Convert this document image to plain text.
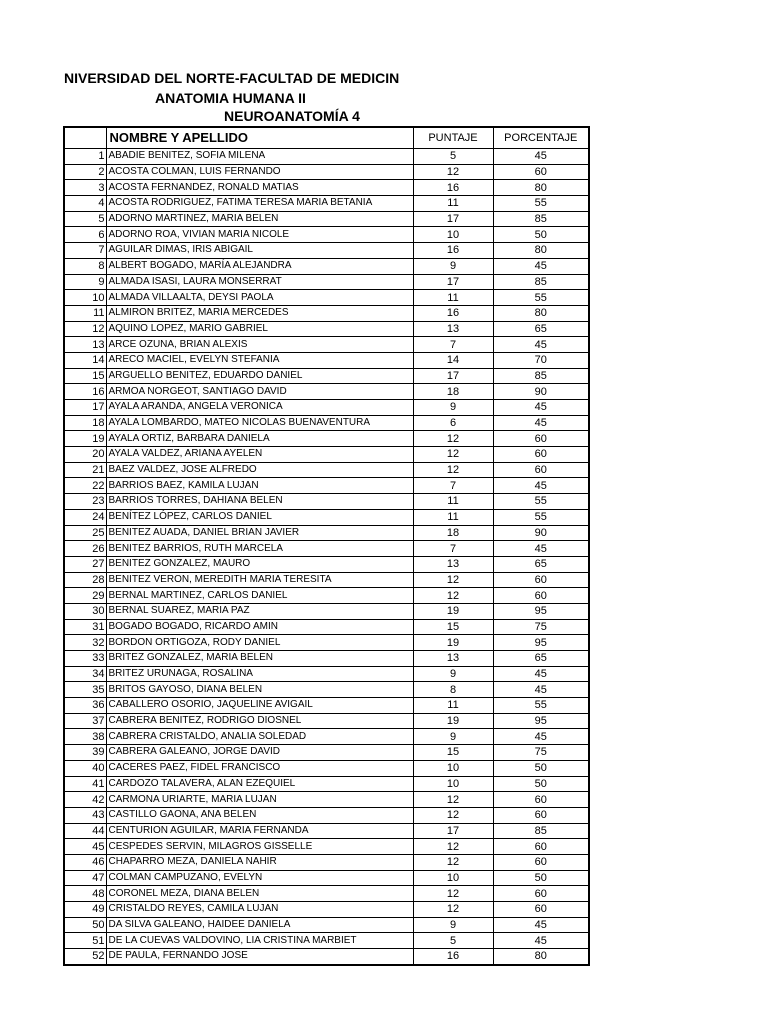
NIVERSIDAD DEL NORTE-FACULTAD DE MEDICIN
ANATOMIA HUMANA II
NEUROANATOMÍA 4
	NOMBRE Y APELLIDO	PUNTAJE	PORCENTAJE
1	ABADIE BENITEZ, SOFIA MILENA	5	45
2	ACOSTA COLMAN, LUIS FERNANDO	12	60
3	ACOSTA FERNANDEZ, RONALD MATIAS	16	80
4	ACOSTA RODRIGUEZ, FATIMA TERESA MARIA BETANIA	11	55
5	ADORNO MARTINEZ, MARIA BELEN	17	85
6	ADORNO ROA, VIVIAN MARIA NICOLE	10	50
7	AGUILAR DIMAS, IRIS ABIGAIL	16	80
8	ALBERT BOGADO, MARÍA ALEJANDRA	9	45
9	ALMADA ISASI, LAURA MONSERRAT	17	85
10	ALMADA VILLAALTA, DEYSI PAOLA	11	55
11	ALMIRON BRITEZ, MARIA MERCEDES	16	80
12	AQUINO LOPEZ, MARIO GABRIEL	13	65
13	ARCE OZUNA, BRIAN ALEXIS	7	45
14	ARECO MACIEL, EVELYN STEFANIA	14	70
15	ARGUELLO BENITEZ, EDUARDO DANIEL	17	85
16	ARMOA NORGEOT, SANTIAGO DAVID	18	90
17	AYALA ARANDA, ANGELA VERONICA	9	45
18	AYALA LOMBARDO, MATEO NICOLAS BUENAVENTURA	6	45
19	AYALA ORTIZ, BARBARA DANIELA	12	60
20	AYALA VALDEZ, ARIANA AYELEN	12	60
21	BAEZ VALDEZ, JOSE ALFREDO	12	60
22	BARRIOS BAEZ, KAMILA LUJAN	7	45
23	BARRIOS TORRES, DAHIANA BELEN	11	55
24	BENÍTEZ LÓPEZ, CARLOS DANIEL	11	55
25	BENITEZ AUADA, DANIEL BRIAN JAVIER	18	90
26	BENITEZ BARRIOS, RUTH MARCELA	7	45
27	BENITEZ GONZALEZ, MAURO	13	65
28	BENITEZ VERON, MEREDITH MARIA TERESITA	12	60
29	BERNAL MARTINEZ, CARLOS DANIEL	12	60
30	BERNAL SUAREZ, MARIA PAZ	19	95
31	BOGADO BOGADO, RICARDO AMIN	15	75
32	BORDON ORTIGOZA, RODY DANIEL	19	95
33	BRITEZ GONZALEZ, MARIA BELEN	13	65
34	BRITEZ URUNAGA, ROSALINA	9	45
35	BRITOS GAYOSO, DIANA BELEN	8	45
36	CABALLERO OSORIO, JAQUELINE AVIGAIL	11	55
37	CABRERA BENITEZ, RODRIGO DIOSNEL	19	95
38	CABRERA CRISTALDO, ANALIA SOLEDAD	9	45
39	CABRERA GALEANO, JORGE DAVID	15	75
40	CACERES PAEZ, FIDEL FRANCISCO	10	50
41	CARDOZO TALAVERA, ALAN EZEQUIEL	10	50
42	CARMONA URIARTE, MARIA LUJAN	12	60
43	CASTILLO GAONA, ANA BELEN	12	60
44	CENTURION AGUILAR, MARIA FERNANDA	17	85
45	CESPEDES SERVIN, MILAGROS GISSELLE	12	60
46	CHAPARRO MEZA, DANIELA NAHIR	12	60
47	COLMAN CAMPUZANO, EVELYN	10	50
48	CORONEL MEZA, DIANA BELEN	12	60
49	CRISTALDO REYES, CAMILA LUJAN	12	60
50	DA SILVA GALEANO, HAIDEE DANIELA	9	45
51	DE LA CUEVAS VALDOVINO, LIA CRISTINA MARBIET	5	45
52	DE PAULA, FERNANDO JOSE	16	80
